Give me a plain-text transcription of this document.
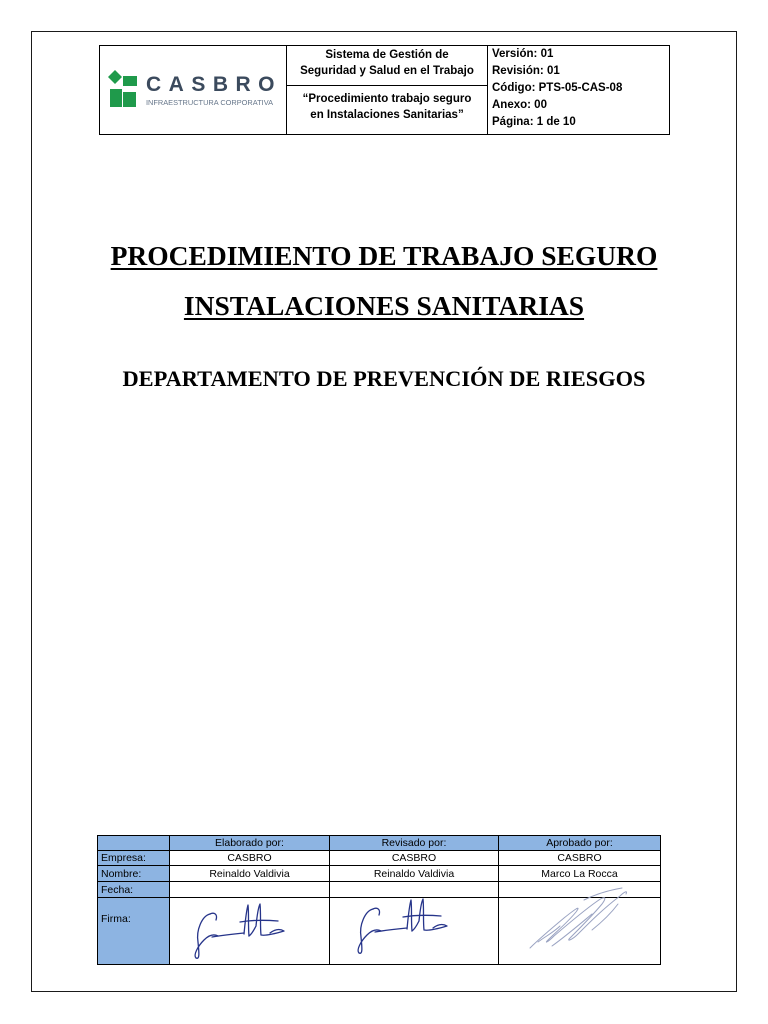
CASBRO
INFRAESTRUCTURA CORPORATIVA
Sistema de Gestión de
Seguridad y Salud en el Trabajo
“Procedimiento trabajo seguro
en Instalaciones Sanitarias”
Versión: 01
Revisión: 01
Código: PTS-05-CAS-08
Anexo: 00
Página: 1 de 10
PROCEDIMIENTO DE TRABAJO SEGURO
INSTALACIONES SANITARIAS
DEPARTAMENTO DE PREVENCIÓN DE RIESGOS
	Elaborado por:	Revisado por:	Aprobado por:
Empresa:	CASBRO	CASBRO	CASBRO
Nombre:	Reinaldo Valdivia	Reinaldo Valdivia	Marco La Rocca
Fecha:			
Firma:			
